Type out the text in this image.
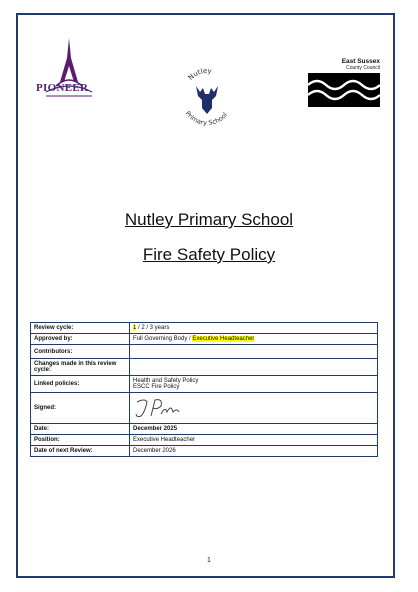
PIONEER
Nutley
Primary School
East Sussex
County Council
Nutley Primary School
Fire Safety Policy
Review cycle:	1 / 2 / 3 years
Approved by:	Full Governing Body / Executive Headteacher
Contributors:	
Changes made in this review cycle:	
Linked policies:	Health and Safety Policy
ESCC Fire Policy

Signed:	

Date:	December 2025
Position:	Executive Headteacher
Date of next Review:	December 2026
1
